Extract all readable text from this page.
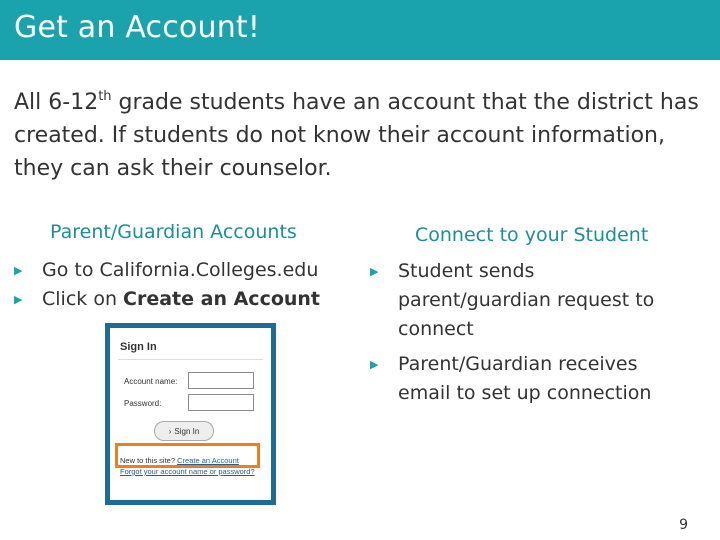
Get an Account!

All 6-12th grade students have an account that the district has created. If students do not know their account information, they can ask their counselor.

Parent/Guardian Accounts
▶ Go to California.Colleges.edu
▶ Click on Create an Account
Connect to your Student
▶ Student sends parent/guardian request to connect
▶ Parent/Guardian receives email to set up connection
Sign In
Account name:
Password:
› Sign In
New to this site? Create an Account
Forgot your account name or password?
9
